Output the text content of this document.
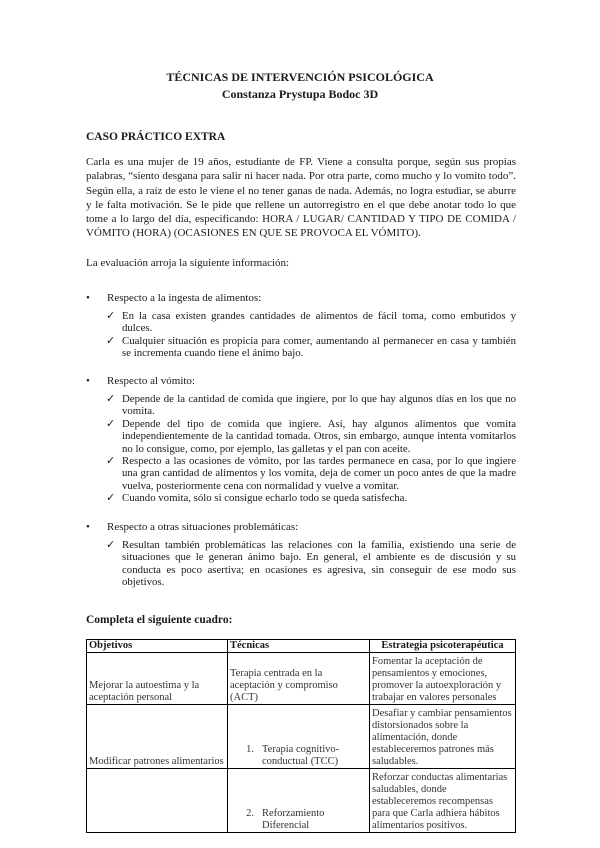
TÉCNICAS DE INTERVENCIÓN PSICOLÓGICA
Constanza Prystupa Bodoc 3D
CASO PRÁCTICO EXTRA

Carla es una mujer de 19 años, estudiante de FP. Viene a consulta porque, según sus propias palabras, “siento desgana para salir ni hacer nada. Por otra parte, como mucho y lo vomito todo”. Según ella, a raíz de esto le viene el no tener ganas de nada. Además, no logra estudiar, se aburre y le falta motivación. Se le pide que rellene un autorregistro en el que debe anotar todo lo que tome a lo largo del día, especificando: HORA / LUGAR/ CANTIDAD Y TIPO DE COMIDA / VÓMITO (HORA) (OCASIONES EN QUE SE PROVOCA EL VÓMITO).

La evaluación arroja la siguiente información:

• Respecto a la ingesta de alimentos:
✓ En la casa existen grandes cantidades de alimentos de fácil toma, como embutidos y dulces.
✓ Cualquier situación es propicia para comer, aumentando al permanecer en casa y también se incrementa cuando tiene el ánimo bajo.
• Respecto al vómito:
✓ Depende de la cantidad de comida que ingiere, por lo que hay algunos días en los que no vomita.
✓ Depende del tipo de comida que ingiere. Así, hay algunos alimentos que vomita independientemente de la cantidad tomada. Otros, sin embargo, aunque intenta vomitarlos no lo consigue, como, por ejemplo, las galletas y el pan con aceite.
✓ Respecto a las ocasiones de vómito, por las tardes permanece en casa, por lo que ingiere una gran cantidad de alimentos y los vomita, deja de comer un poco antes de que la madre vuelva, posteriormente cena con normalidad y vuelve a vomitar.
✓ Cuando vomita, sólo si consigue echarlo todo se queda satisfecha.
• Respecto a otras situaciones problemáticas:
✓ Resultan también problemáticas las relaciones con la familia, existiendo una serie de situaciones que le generan ánimo bajo. En general, el ambiente es de discusión y su conducta es poco asertiva; en ocasiones es agresiva, sin conseguir de ese modo sus objetivos.
Completa el siguiente cuadro:
Objetivos	Técnicas	Estrategia psicoterapéutica
Mejorar la autoestima y la aceptación personal	Terapia centrada en la aceptación y compromiso (ACT)	Fomentar la aceptación de pensamientos y emociones, promover la autoexploración y trabajar en valores personales
Modificar patrones alimentarios	1. Terapia cognitivo-conductual (TCC)	Desafiar y cambiar pensamientos distorsionados sobre la alimentación, donde estableceremos patrones más saludables.
	2. Reforzamiento Diferencial	Reforzar conductas alimentarias saludables, donde estableceremos recompensas para que Carla adhiera hábitos alimentarios positivos.
